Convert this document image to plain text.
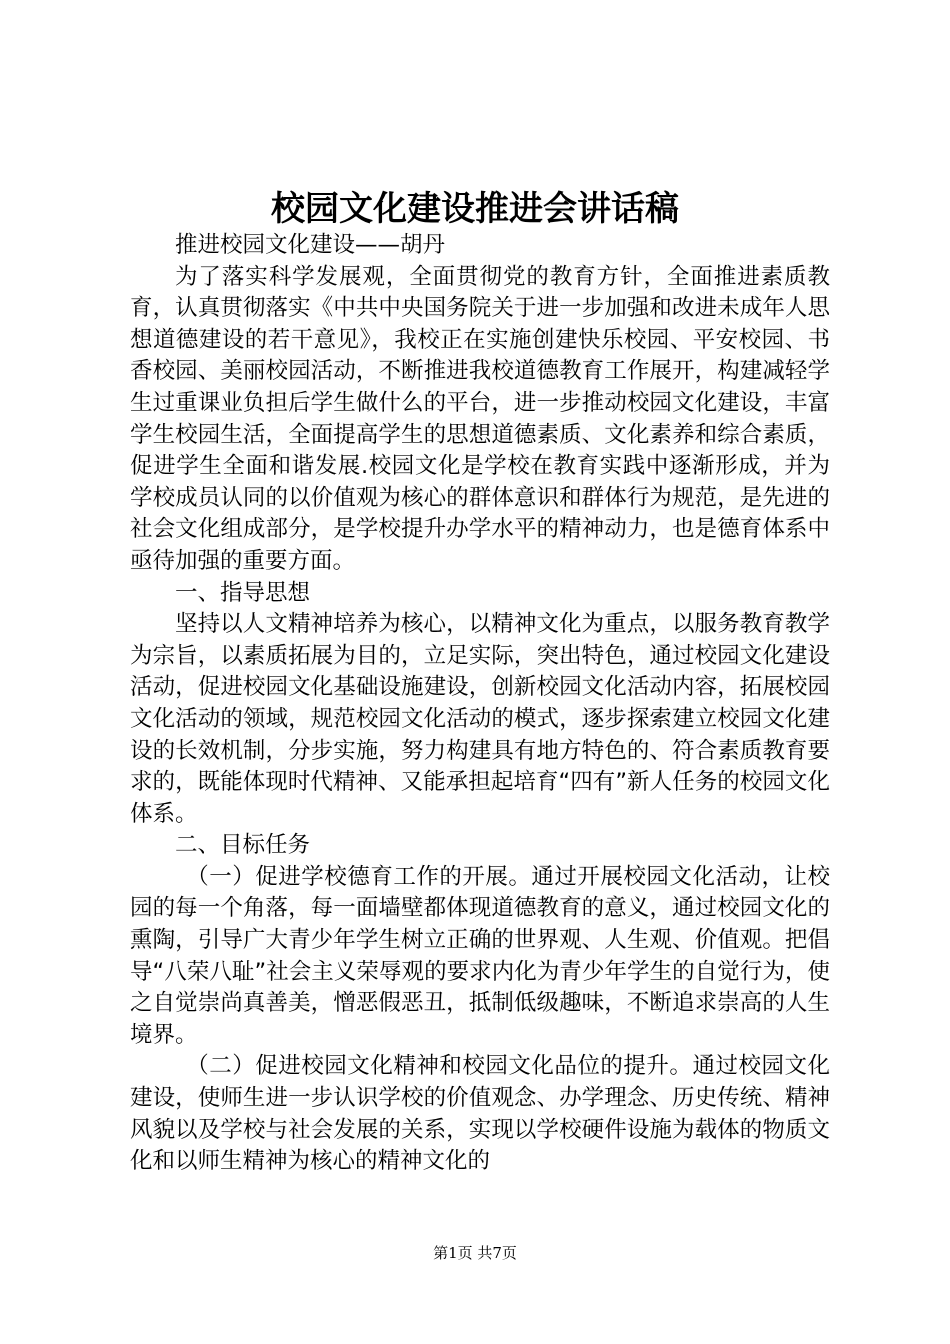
校园文化建设推进会讲话稿

推进校园文化建设——胡丹

为了落实科学发展观，全面贯彻党的教育方针，全面推进素质教育，认真贯彻落实《中共中央国务院关于进一步加强和改进未成年人思想道德建设的若干意见》，我校正在实施创建快乐校园、平安校园、书香校园、美丽校园活动，不断推进我校道德教育工作展开，构建减轻学生过重课业负担后学生做什么的平台，进一步推动校园文化建设，丰富学生校园生活，全面提高学生的思想道德素质、文化素养和综合素质，促进学生全面和谐发展.校园文化是学校在教育实践中逐渐形成，并为学校成员认同的以价值观为核心的群体意识和群体行为规范，是先进的社会文化组成部分，是学校提升办学水平的精神动力，也是德育体系中亟待加强的重要方面。

一、指导思想

坚持以人文精神培养为核心，以精神文化为重点，以服务教育教学为宗旨，以素质拓展为目的，立足实际，突出特色，通过校园文化建设活动，促进校园文化基础设施建设，创新校园文化活动内容，拓展校园文化活动的领域，规范校园文化活动的模式，逐步探索建立校园文化建设的长效机制，分步实施，努力构建具有地方特色的、符合素质教育要求的，既能体现时代精神、又能承担起培育“四有”新人任务的校园文化体系。

二、目标任务

（一）促进学校德育工作的开展。通过开展校园文化活动，让校园的每一个角落，每一面墙壁都体现道德教育的意义，通过校园文化的熏陶，引导广大青少年学生树立正确的世界观、人生观、价值观。把倡导“八荣八耻”社会主义荣辱观的要求内化为青少年学生的自觉行为，使之自觉崇尚真善美，憎恶假恶丑，抵制低级趣味，不断追求崇高的人生境界。

（二）促进校园文化精神和校园文化品位的提升。通过校园文化建设，使师生进一步认识学校的价值观念、办学理念、历史传统、精神风貌以及学校与社会发展的关系，实现以学校硬件设施为载体的物质文化和以师生精神为核心的精神文化的

第1页 共7页
